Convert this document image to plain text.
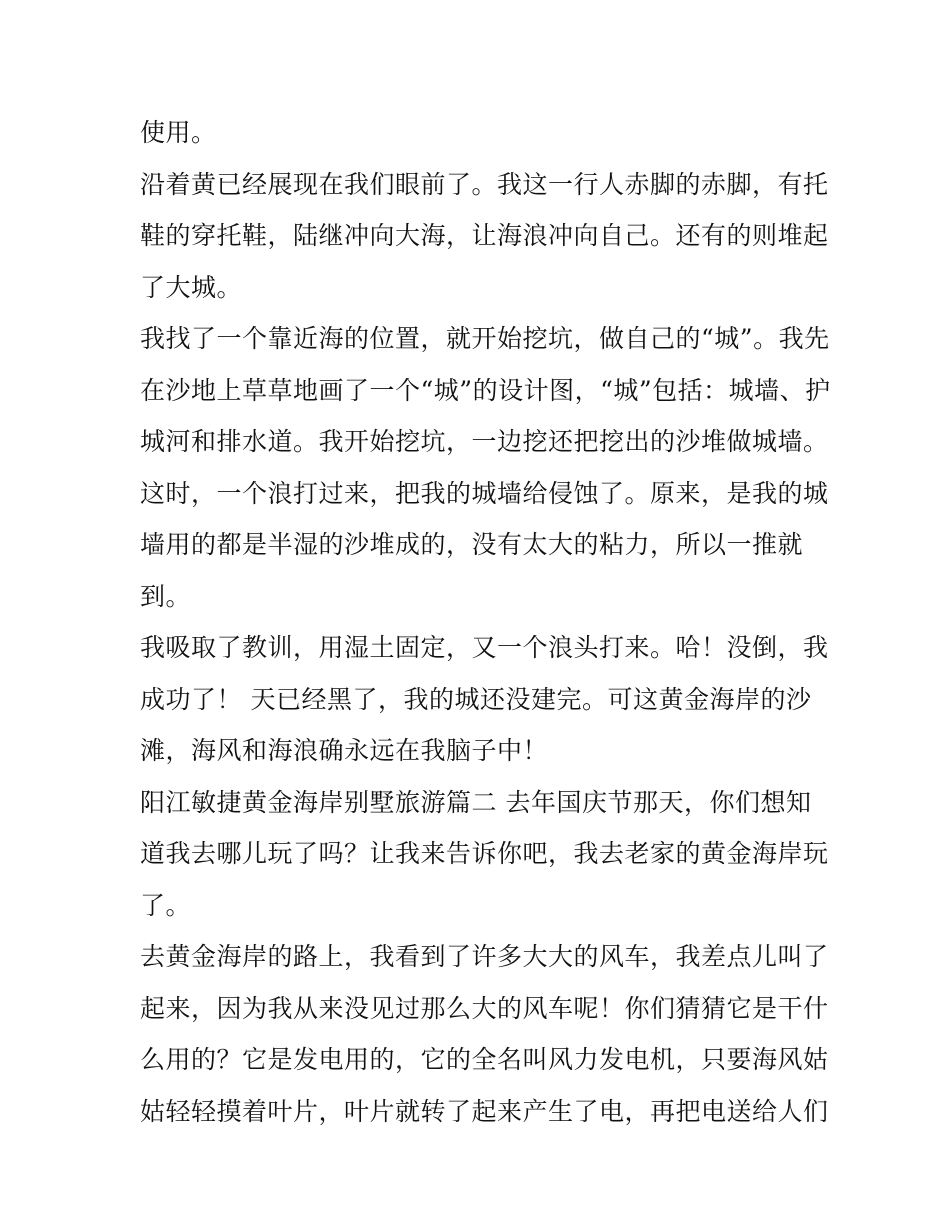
使用。
沿着黄已经展现在我们眼前了。我这一行人赤脚的赤脚，有托
鞋的穿托鞋，陆继冲向大海，让海浪冲向自己。还有的则堆起
了大城。
我找了一个靠近海的位置，就开始挖坑，做自己的“城”。我先
在沙地上草草地画了一个“城”的设计图，“城”包括：城墙、护
城河和排水道。我开始挖坑，一边挖还把挖出的沙堆做城墙。
这时，一个浪打过来，把我的城墙给侵蚀了。原来，是我的城
墙用的都是半湿的沙堆成的，没有太大的粘力，所以一推就
到。
我吸取了教训，用湿土固定，又一个浪头打来。哈！没倒，我
成功了！ 天已经黑了，我的城还没建完。可这黄金海岸的沙
滩，海风和海浪确永远在我脑子中！
阳江敏捷黄金海岸别墅旅游篇二 去年国庆节那天，你们想知
道我去哪儿玩了吗？让我来告诉你吧，我去老家的黄金海岸玩
了。
去黄金海岸的路上，我看到了许多大大的风车，我差点儿叫了
起来，因为我从来没见过那么大的风车呢！你们猜猜它是干什
么用的？它是发电用的，它的全名叫风力发电机，只要海风姑
姑轻轻摸着叶片，叶片就转了起来产生了电，再把电送给人们
